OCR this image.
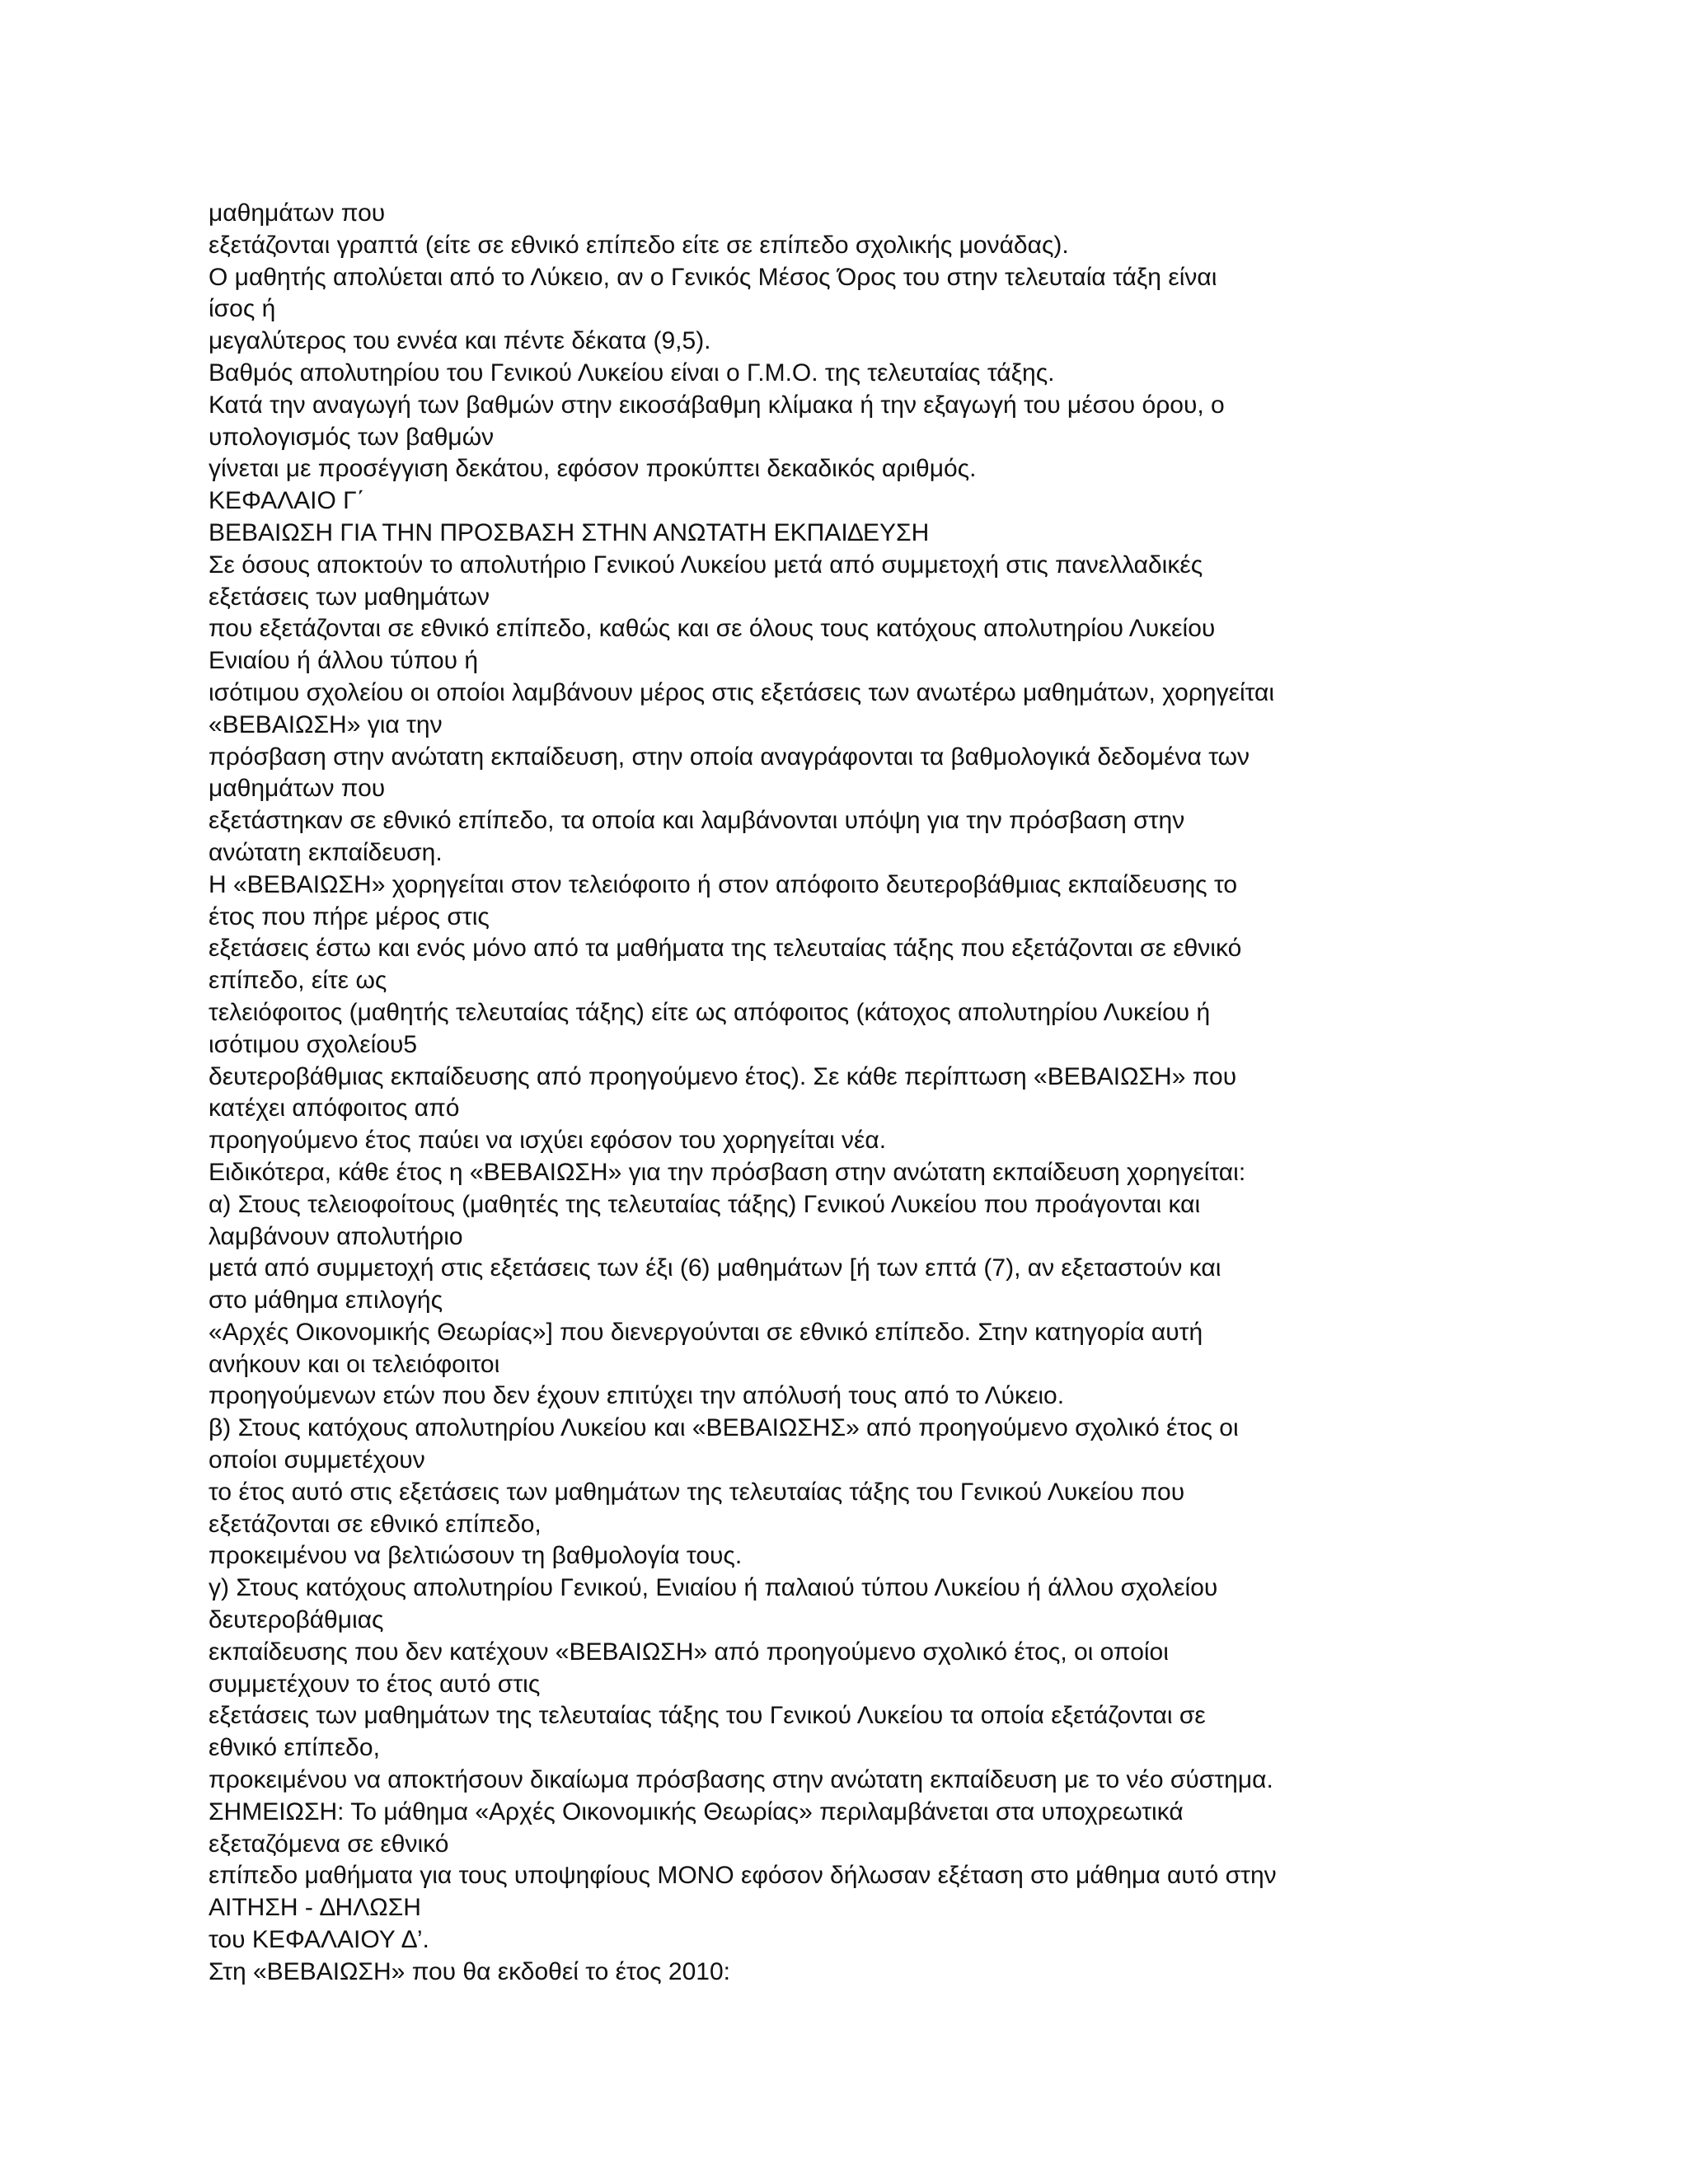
μαθημάτων που

εξετάζονται γραπτά (είτε σε εθνικό επίπεδο είτε σε επίπεδο σχολικής μονάδας).

Ο μαθητής απολύεται από το Λύκειο, αν ο Γενικός Μέσος Όρος του στην τελευταία τάξη είναι

ίσος ή

μεγαλύτερος του εννέα και πέντε δέκατα (9,5).

Βαθμός απολυτηρίου του Γενικού Λυκείου είναι ο Γ.Μ.Ο. της τελευταίας τάξης.

Κατά την αναγωγή των βαθμών στην εικοσάβαθμη κλίμακα ή την εξαγωγή του μέσου όρου, ο

υπολογισμός των βαθμών

γίνεται με προσέγγιση δεκάτου, εφόσον προκύπτει δεκαδικός αριθμός.

ΚΕΦΑΛΑΙΟ Γ΄

ΒΕΒΑΙΩΣΗ ΓΙΑ ΤΗΝ ΠΡΟΣΒΑΣΗ ΣΤΗΝ ΑΝΩΤΑΤΗ ΕΚΠΑΙ∆ΕΥΣΗ

Σε όσους αποκτούν το απολυτήριο Γενικού Λυκείου μετά από συμμετοχή στις πανελλαδικές

εξετάσεις των μαθημάτων

που εξετάζονται σε εθνικό επίπεδο, καθώς και σε όλους τους κατόχους απολυτηρίου Λυκείου

Ενιαίου ή άλλου τύπου ή

ισότιμου σχολείου οι οποίοι λαμβάνουν μέρος στις εξετάσεις των ανωτέρω μαθημάτων, χορηγείται

«ΒΕΒΑΙΩΣΗ» για την

πρόσβαση στην ανώτατη εκπαίδευση, στην οποία αναγράφονται τα βαθμολογικά δεδομένα των

μαθημάτων που

εξετάστηκαν σε εθνικό επίπεδο, τα οποία και λαμβάνονται υπόψη για την πρόσβαση στην

ανώτατη εκπαίδευση.

Η «ΒΕΒΑΙΩΣΗ» χορηγείται στον τελειόφοιτο ή στον απόφοιτο δευτεροβάθμιας εκπαίδευσης το

έτος που πήρε μέρος στις

εξετάσεις έστω και ενός μόνο από τα μαθήματα της τελευταίας τάξης που εξετάζονται σε εθνικό

επίπεδο, είτε ως

τελειόφοιτος (μαθητής τελευταίας τάξης) είτε ως απόφοιτος (κάτοχος απολυτηρίου Λυκείου ή

ισότιμου σχολείου5

δευτεροβάθμιας εκπαίδευσης από προηγούμενο έτος). Σε κάθε περίπτωση «ΒΕΒΑΙΩΣΗ» που

κατέχει απόφοιτος από

προηγούμενο έτος παύει να ισχύει εφόσον του χορηγείται νέα.

Ειδικότερα, κάθε έτος η «ΒΕΒΑΙΩΣΗ» για την πρόσβαση στην ανώτατη εκπαίδευση χορηγείται:

α) Στους τελειοφοίτους (μαθητές της τελευταίας τάξης) Γενικού Λυκείου που προάγονται και

λαμβάνουν απολυτήριο

μετά από συμμετοχή στις εξετάσεις των έξι (6) μαθημάτων [ή των επτά (7), αν εξεταστούν και

στο μάθημα επιλογής

«Αρχές Οικονομικής Θεωρίας»] που διενεργούνται σε εθνικό επίπεδο. Στην κατηγορία αυτή

ανήκουν και οι τελειόφοιτοι

προηγούμενων ετών που δεν έχουν επιτύχει την απόλυσή τους από το Λύκειο.

β) Στους κατόχους απολυτηρίου Λυκείου και «ΒΕΒΑΙΩΣΗΣ» από προηγούμενο σχολικό έτος οι

οποίοι συμμετέχουν

το έτος αυτό στις εξετάσεις των μαθημάτων της τελευταίας τάξης του Γενικού Λυκείου που

εξετάζονται σε εθνικό επίπεδο,

προκειμένου να βελτιώσουν τη βαθμολογία τους.

γ) Στους κατόχους απολυτηρίου Γενικού, Ενιαίου ή παλαιού τύπου Λυκείου ή άλλου σχολείου

δευτεροβάθμιας

εκπαίδευσης που δεν κατέχουν «ΒΕΒΑΙΩΣΗ» από προηγούμενο σχολικό έτος, οι οποίοι

συμμετέχουν το έτος αυτό στις

εξετάσεις των μαθημάτων της τελευταίας τάξης του Γενικού Λυκείου τα οποία εξετάζονται σε

εθνικό επίπεδο,

προκειμένου να αποκτήσουν δικαίωμα πρόσβασης στην ανώτατη εκπαίδευση με το νέο σύστημα.

ΣΗΜΕΙΩΣΗ: Το μάθημα «Αρχές Οικονομικής Θεωρίας» περιλαμβάνεται στα υποχρεωτικά

εξεταζόμενα σε εθνικό

επίπεδο μαθήματα για τους υποψηφίους ΜΟΝΟ εφόσον δήλωσαν εξέταση στο μάθημα αυτό στην

ΑΙΤΗΣΗ - ∆ΗΛΩΣΗ

του ΚΕΦΑΛΑΙΟΥ ∆’.

Στη «ΒΕΒΑΙΩΣΗ» που θα εκδοθεί το έτος 2010:
